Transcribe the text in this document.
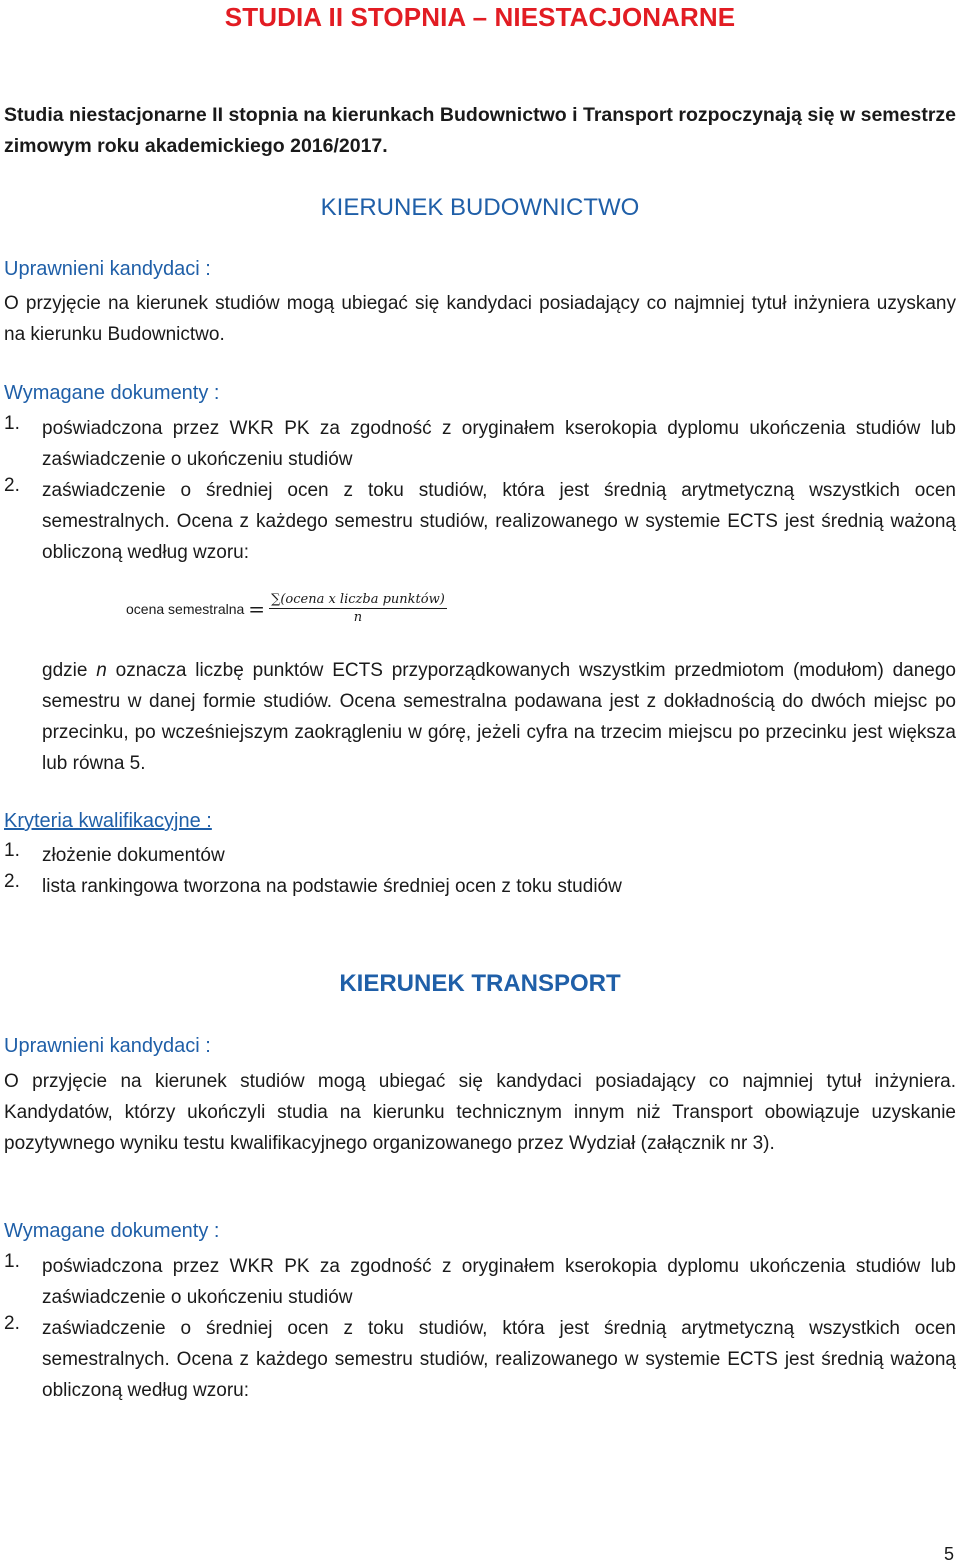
STUDIA II STOPNIA – NIESTACJONARNE
Studia niestacjonarne II stopnia na kierunkach Budownictwo i Transport rozpoczynają się w semestrze zimowym roku akademickiego 2016/2017.
KIERUNEK BUDOWNICTWO
Uprawnieni kandydaci :
O przyjęcie na kierunek studiów mogą ubiegać się kandydaci posiadający co najmniej tytuł inżyniera uzyskany na kierunku Budownictwo.
Wymagane dokumenty :
1. poświadczona przez WKR PK za zgodność z oryginałem kserokopia dyplomu ukończenia studiów lub zaświadczenie o ukończeniu studiów
2. zaświadczenie o średniej ocen z toku studiów, która jest średnią arytmetyczną wszystkich ocen semestralnych. Ocena z każdego semestru studiów, realizowanego w systemie ECTS jest średnią ważoną obliczoną według wzoru:
ocena semestralna = $\frac{\text{∑(ocena x liczba punktów)}}{n}$
gdzie n oznacza liczbę punktów ECTS przyporządkowanych wszystkim przedmiotom (modułom) danego semestru w danej formie studiów. Ocena semestralna podawana jest z dokładnością do dwóch miejsc po przecinku, po wcześniejszym zaokrągleniu w górę, jeżeli cyfra na trzecim miejscu po przecinku jest większa lub równa 5.
Kryteria kwalifikacyjne :
1. złożenie dokumentów
2. lista rankingowa tworzona na podstawie średniej ocen z toku studiów
KIERUNEK TRANSPORT
Uprawnieni kandydaci :
O przyjęcie na kierunek studiów mogą ubiegać się kandydaci posiadający co najmniej tytuł inżyniera. Kandydatów, którzy ukończyli studia na kierunku technicznym innym niż Transport obowiązuje uzyskanie pozytywnego wyniku testu kwalifikacyjnego organizowanego przez Wydział (załącznik nr 3).
Wymagane dokumenty :
1. poświadczona przez WKR PK za zgodność z oryginałem kserokopia dyplomu ukończenia studiów lub zaświadczenie o ukończeniu studiów
2. zaświadczenie o średniej ocen z toku studiów, która jest średnią arytmetyczną wszystkich ocen semestralnych. Ocena z każdego semestru studiów, realizowanego w systemie ECTS jest średnią ważoną obliczoną według wzoru:
5
